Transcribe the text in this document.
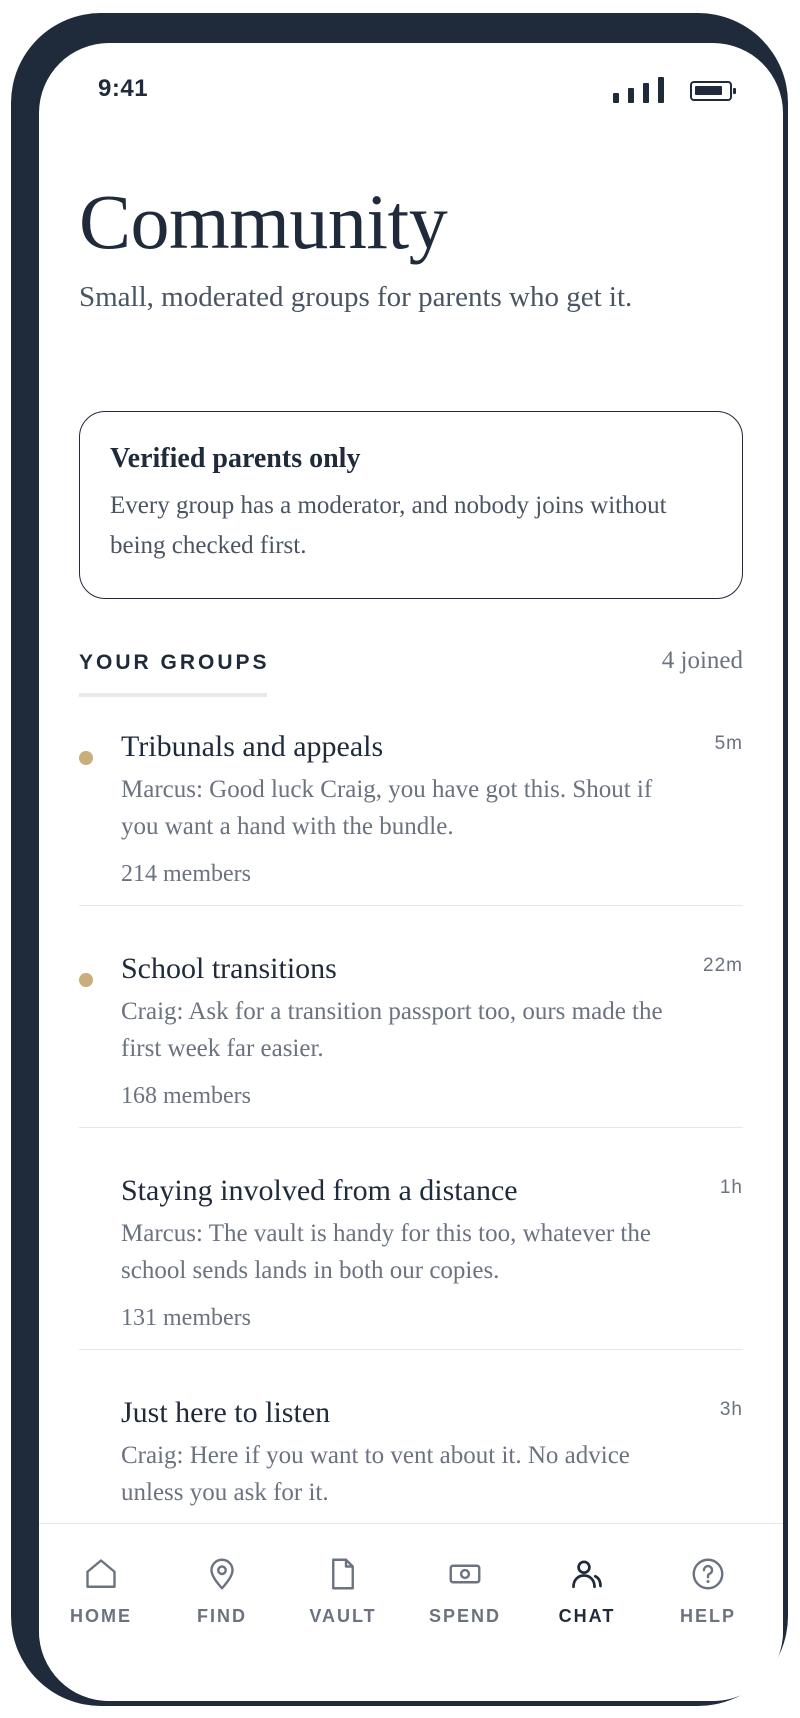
9:41
Community
Small, moderated groups for parents who get it.
Verified parents only
Every group has a moderator, and nobody joins without being checked first.
YOUR GROUPS	4 joined
Tribunals and appeals	5m
Marcus: Good luck Craig, you have got this. Shout if you want a hand with the bundle.
214 members
School transitions	22m
Craig: Ask for a transition passport too, ours made the first week far easier.
168 members
Staying involved from a distance	1h
Marcus: The vault is handy for this too, whatever the school sends lands in both our copies.
131 members
Just here to listen	3h
Craig: Here if you want to vent about it. No advice unless you ask for it.
HOME	FIND	VAULT	SPEND	CHAT	HELP
